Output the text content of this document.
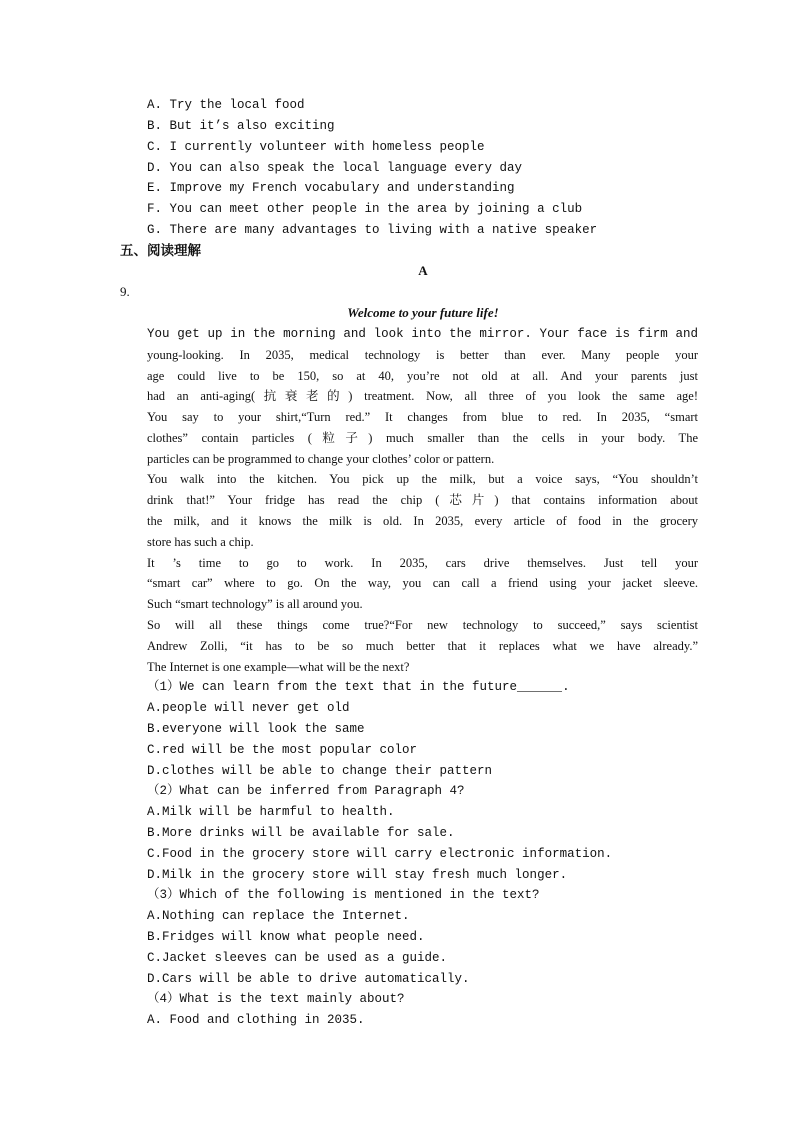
A. Try the local food
B. But it’s also exciting
C. I currently volunteer with homeless people
D. You can also speak the local language every day
E. Improve my French vocabulary and understanding
F. You can meet other people in the area by joining a club
G. There are many advantages to living with a native speaker
五、阅读理解
A
9.
Welcome to your future life!
You get up in the morning and look into the mirror. Your face is firm and
young-looking. In 2035, medical technology is better than ever. Many people your
age could live to be 150, so at 40, you’re not old at all. And your parents just
had an anti-aging(抗衰老的) treatment. Now, all three of you look the same age!
You say to your shirt,“Turn red.” It changes from blue to red. In 2035, “smart
clothes” contain particles (粒子) much smaller than the cells in your body. The
particles can be programmed to change your clothes’ color or pattern.
You walk into the kitchen. You pick up the milk, but a voice says, “You shouldn’t
drink that!” Your fridge has read the chip (芯片) that contains information about
the milk, and it knows the milk is old. In 2035, every article of food in the grocery
store has such a chip.
It ’s time to go to work. In 2035, cars drive themselves. Just tell your
“smart car” where to go. On the way, you can call a friend using your jacket sleeve.
Such “smart technology” is all around you.
So will all these things come true?“For new technology to succeed,” says scientist
Andrew Zolli, “it has to be so much better that it replaces what we have already.”
The Internet is one example—what will be the next?
（1）We can learn from the text that in the future______.
A.people will never get old
B.everyone will look the same
C.red will be the most popular color
D.clothes will be able to change their pattern
（2）What can be inferred from Paragraph 4?
A.Milk will be harmful to health.
B.More drinks will be available for sale.
C.Food in the grocery store will carry electronic information.
D.Milk in the grocery store will stay fresh much longer.
（3）Which of the following is mentioned in the text?
A.Nothing can replace the Internet.
B.Fridges will know what people need.
C.Jacket sleeves can be used as a guide.
D.Cars will be able to drive automatically.
（4）What is the text mainly about?
A. Food and clothing in 2035.
